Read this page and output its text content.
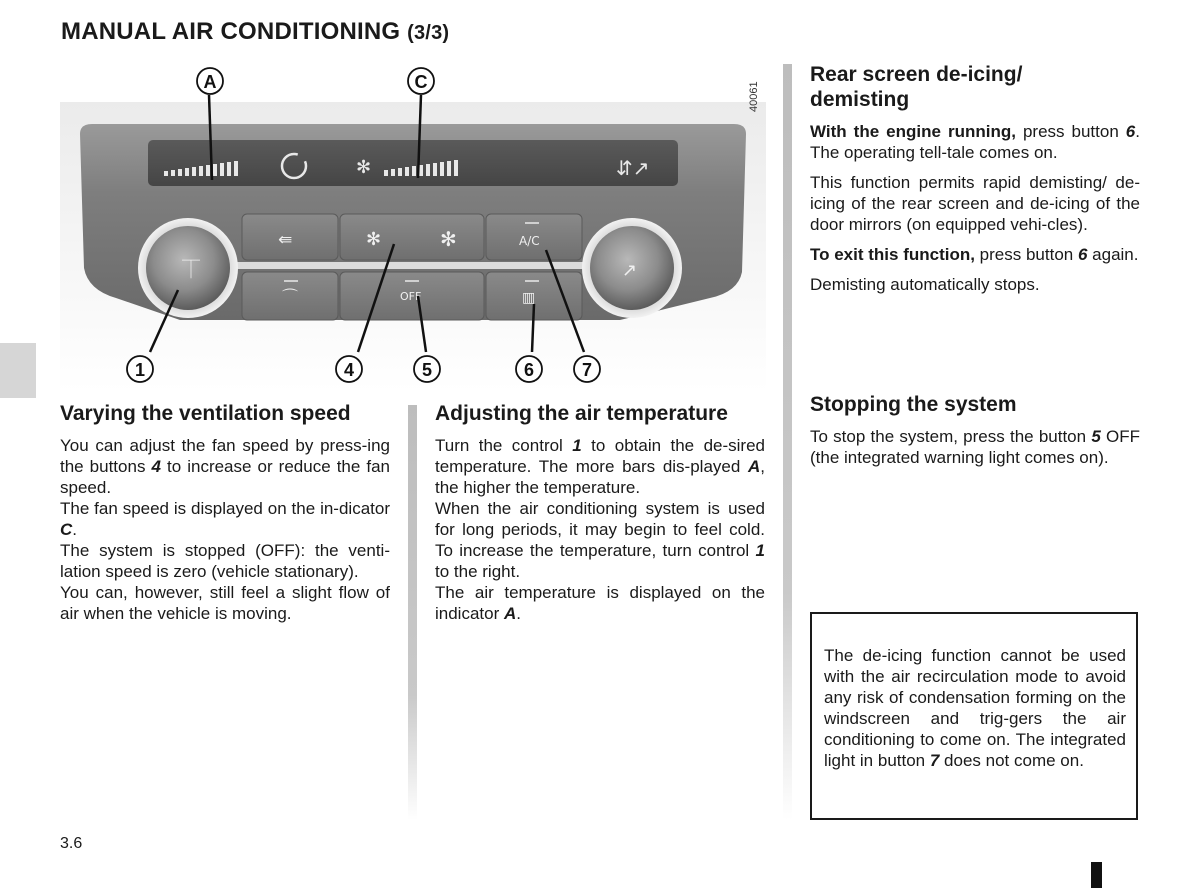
MANUAL AIR CONDITIONING (3/3)
✻	⇵↗
⇚	✻	✻	A/C
⌒	OFF	▥
⏉	↗
40061
A	C
1	4	5	6	7
Varying the ventilation speed

You can adjust the fan speed by press-ing the buttons 4 to increase or reduce the fan speed.

The fan speed is displayed on the in-dicator C.

The system is stopped (OFF): the venti-lation speed is zero (vehicle stationary).

You can, however, still feel a slight flow of air when the vehicle is moving.

Adjusting the air temperature

Turn the control 1 to obtain the de-sired temperature. The more bars dis-played A, the higher the temperature.

When the air conditioning system is used for long periods, it may begin to feel cold. To increase the temperature, turn control 1 to the right.

The air temperature is displayed on the indicator A.

Rear screen de-icing/
demisting

With the engine running, press button 6. The operating tell-tale comes on.

This function permits rapid demisting/ de-icing of the rear screen and de-icing of the door mirrors (on equipped vehi-cles).

To exit this function, press button 6 again.

Demisting automatically stops.

Stopping the system

To stop the system, press the button 5 OFF (the integrated warning light comes on).

The de-icing function cannot be used with the air recirculation mode to avoid any risk of condensation forming on the windscreen and trig-gers the air conditioning to come on. The integrated light in button 7 does not come on.
3.6
